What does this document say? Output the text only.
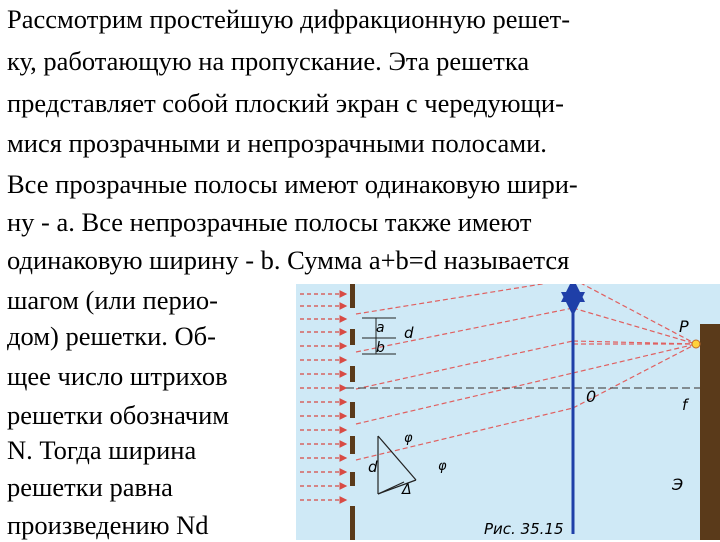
Рассмотрим простейшую дифракционную решет-

ку, работающую на пропускание. Эта решетка

представляет собой плоский экран с чередующи-

мися прозрачными и непрозрачными полосами.

Все прозрачные полосы имеют одинаковую шири-

ну - a. Все непрозрачные полосы также имеют

одинаковую ширину - b. Сумма a+b=d называется

шагом (или перио-

дом) решетки. Об-

щее число штрихов

решетки обозначим

N. Тогда ширина

решетки равна

произведению Nd

a
b
d	P
0	f
φ
φ
d
Δ	Э
Рис. 35.15
